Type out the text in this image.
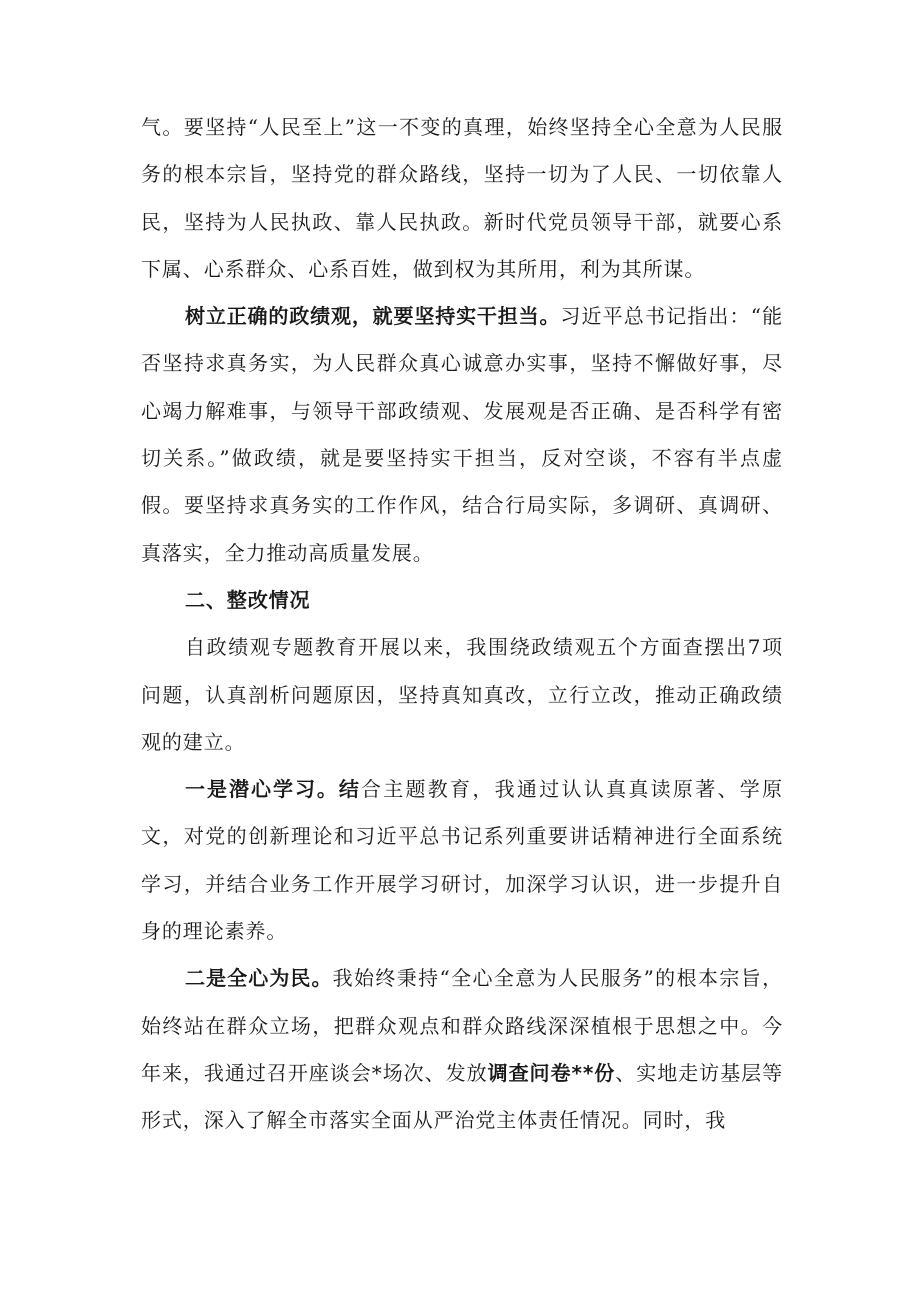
气。要坚持“人民至上”这一不变的真理，始终坚持全心全意为人民服务的根本宗旨，坚持党的群众路线，坚持一切为了人民、一切依靠人民，坚持为人民执政、靠人民执政。新时代党员领导干部，就要心系下属、心系群众、心系百姓，做到权为其所用，利为其所谋。

树立正确的政绩观，就要坚持实干担当。习近平总书记指出：“能否坚持求真务实，为人民群众真心诚意办实事，坚持不懈做好事，尽心竭力解难事，与领导干部政绩观、发展观是否正确、是否科学有密切关系。”做政绩，就是要坚持实干担当，反对空谈，不容有半点虚假。要坚持求真务实的工作作风，结合行局实际，多调研、真调研、真落实，全力推动高质量发展。

二、整改情况

自政绩观专题教育开展以来，我围绕政绩观五个方面查摆出7项问题，认真剖析问题原因，坚持真知真改，立行立改，推动正确政绩观的建立。

一是潜心学习。结合主题教育，我通过认认真真读原著、学原文，对党的创新理论和习近平总书记系列重要讲话精神进行全面系统学习，并结合业务工作开展学习研讨，加深学习认识，进一步提升自身的理论素养。

二是全心为民。我始终秉持“全心全意为人民服务”的根本宗旨，始终站在群众立场，把群众观点和群众路线深深植根于思想之中。今年来，我通过召开座谈会*场次、发放调查问卷**份、实地走访基层等形式，深入了解全市落实全面从严治党主体责任情况。同时，我
